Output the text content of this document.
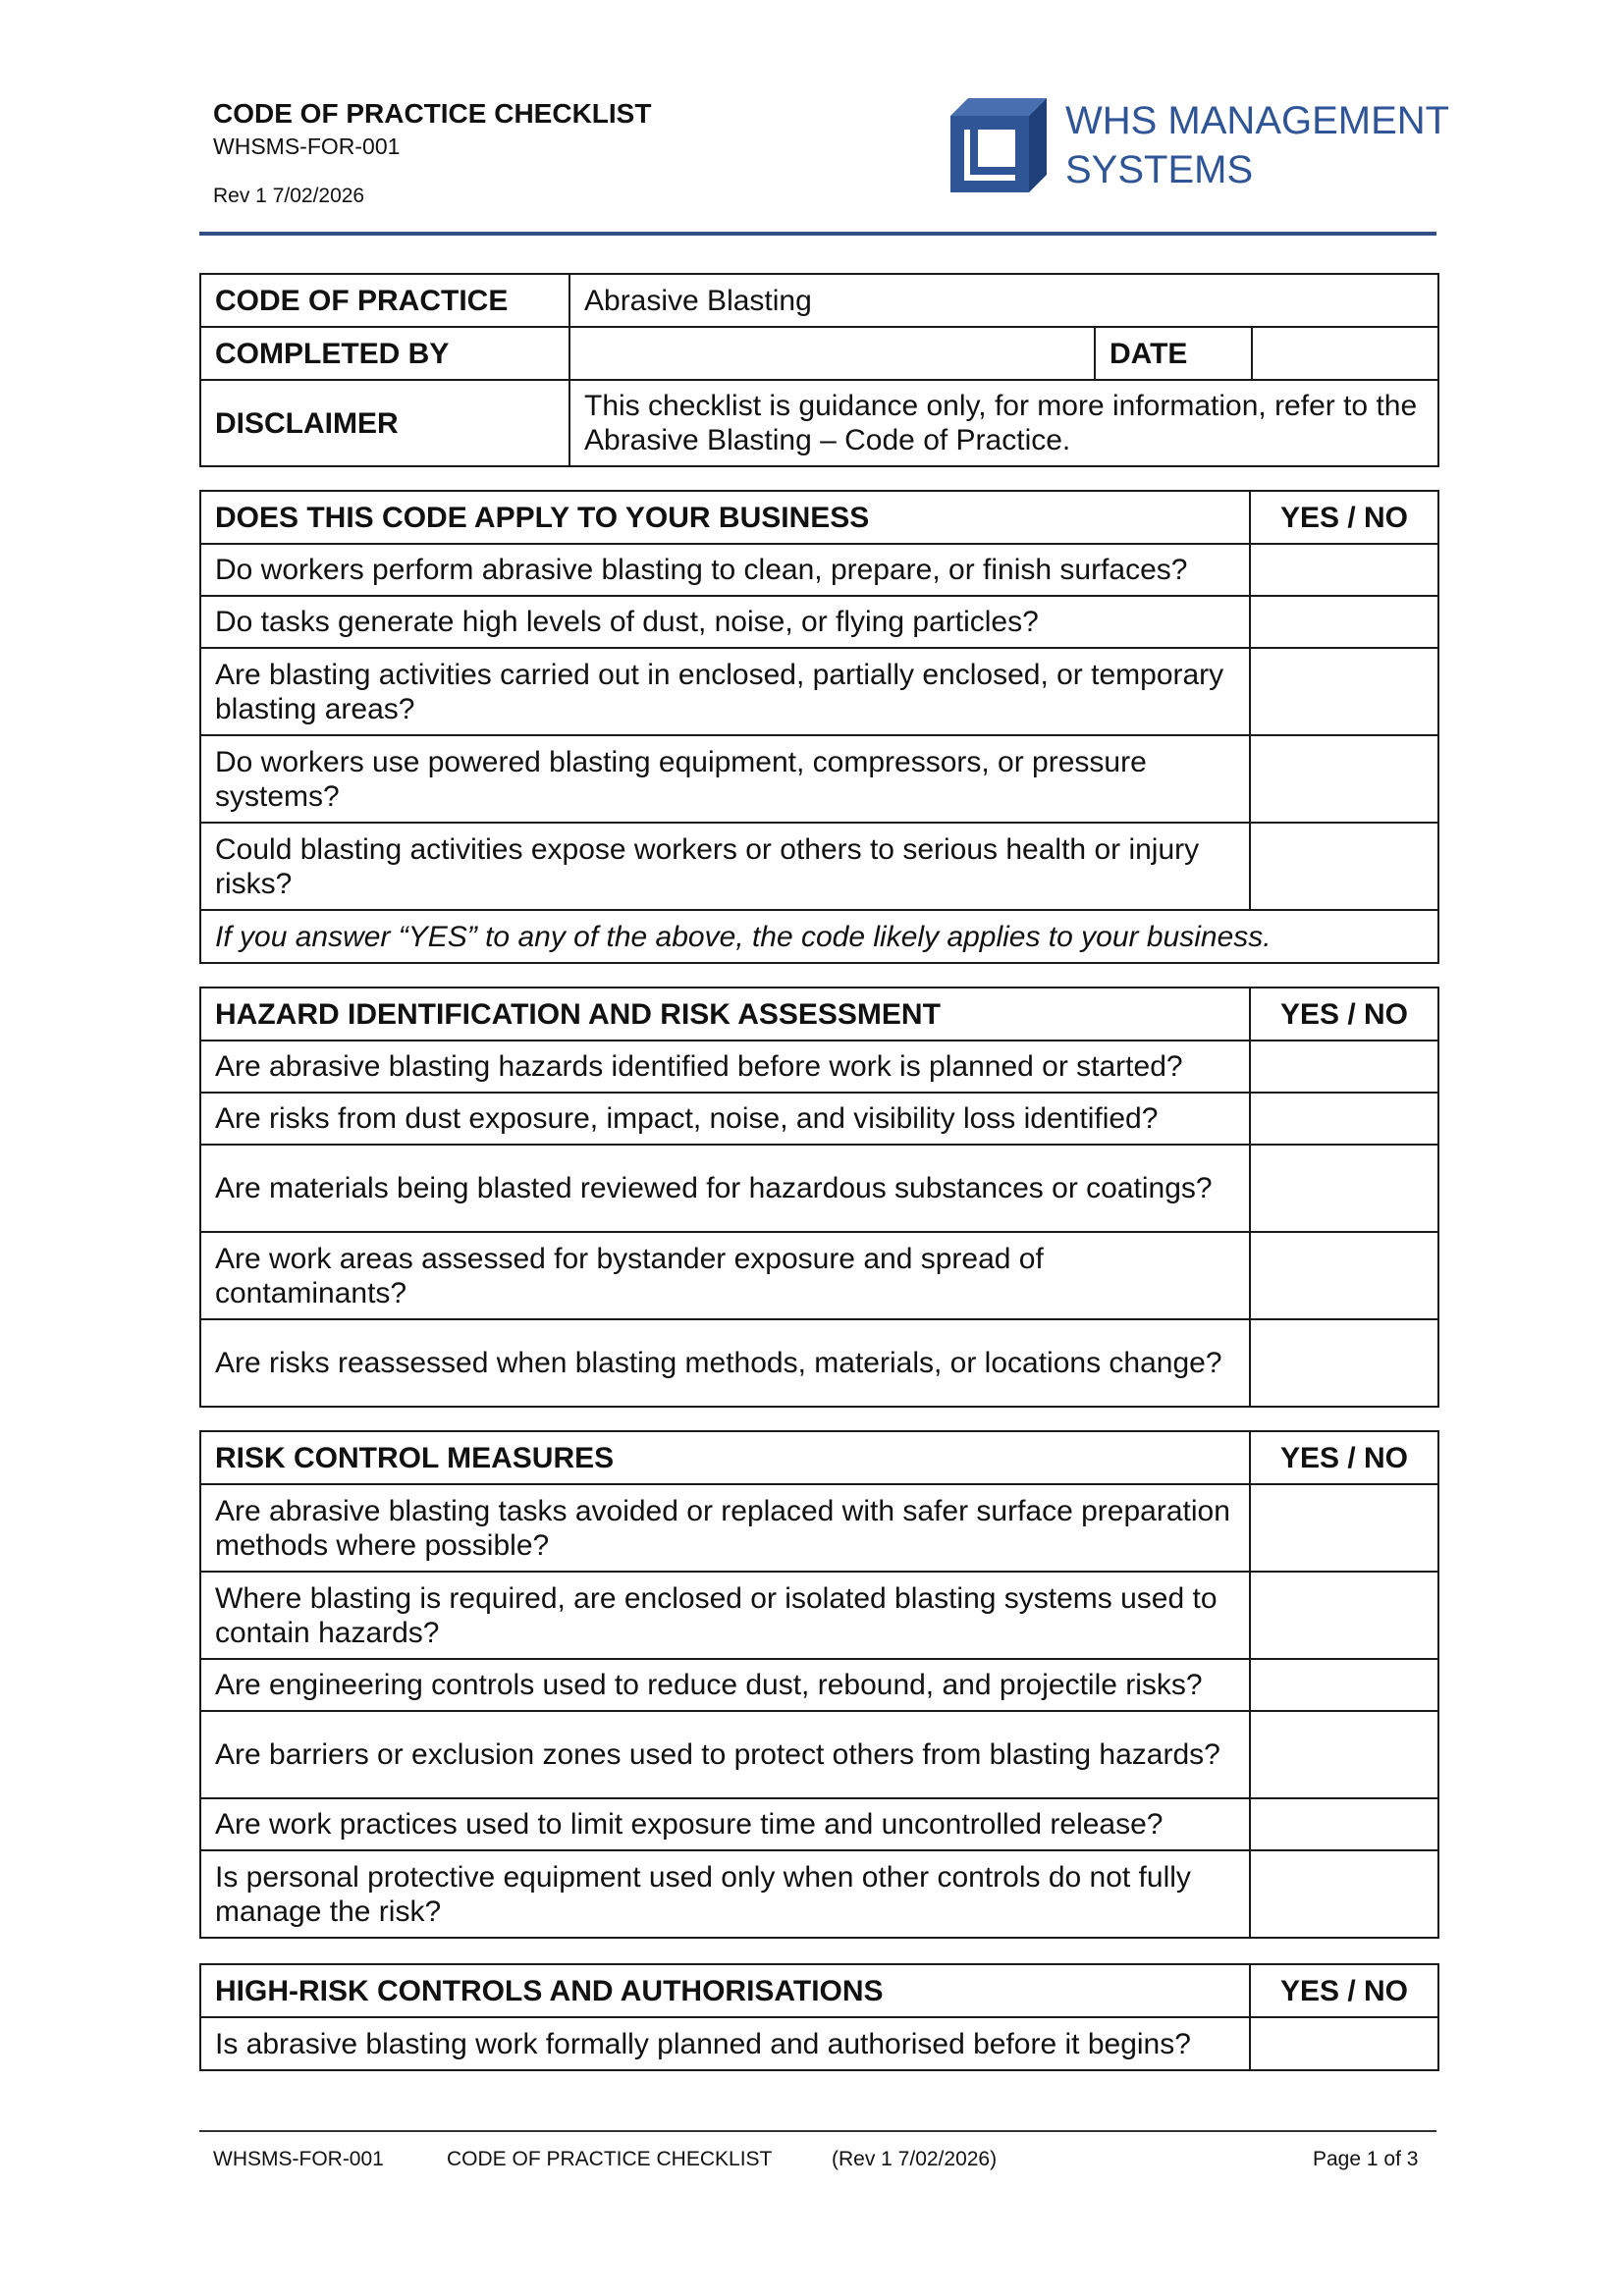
CODE OF PRACTICE CHECKLIST
WHSMS-FOR-001
Rev 1 7/02/2026
WHS MANAGEMENT
SYSTEMS
CODE OF PRACTICE	Abrasive Blasting		
COMPLETED BY		DATE	
DISCLAIMER	This checklist is guidance only, for more information, refer to the Abrasive Blasting – Code of Practice.		
DOES THIS CODE APPLY TO YOUR BUSINESS	YES / NO
Do workers perform abrasive blasting to clean, prepare, or finish surfaces?	
Do tasks generate high levels of dust, noise, or flying particles?	
Are blasting activities carried out in enclosed, partially enclosed, or temporary blasting areas?	
Do workers use powered blasting equipment, compressors, or pressure systems?	
Could blasting activities expose workers or others to serious health or injury risks?	
If you answer “YES” to any of the above, the code likely applies to your business.	
HAZARD IDENTIFICATION AND RISK ASSESSMENT	YES / NO
Are abrasive blasting hazards identified before work is planned or started?	
Are risks from dust exposure, impact, noise, and visibility loss identified?	
Are materials being blasted reviewed for hazardous substances or coatings?	
Are work areas assessed for bystander exposure and spread of contaminants?	
Are risks reassessed when blasting methods, materials, or locations change?	
RISK CONTROL MEASURES	YES / NO
Are abrasive blasting tasks avoided or replaced with safer surface preparation methods where possible?	
Where blasting is required, are enclosed or isolated blasting systems used to contain hazards?	
Are engineering controls used to reduce dust, rebound, and projectile risks?	
Are barriers or exclusion zones used to protect others from blasting hazards?	
Are work practices used to limit exposure time and uncontrolled release?	
Is personal protective equipment used only when other controls do not fully manage the risk?	
HIGH-RISK CONTROLS AND AUTHORISATIONS	YES / NO
Is abrasive blasting work formally planned and authorised before it begins?	
WHSMS-FOR-001	CODE OF PRACTICE CHECKLIST	(Rev 1 7/02/2026)	Page 1 of 3
